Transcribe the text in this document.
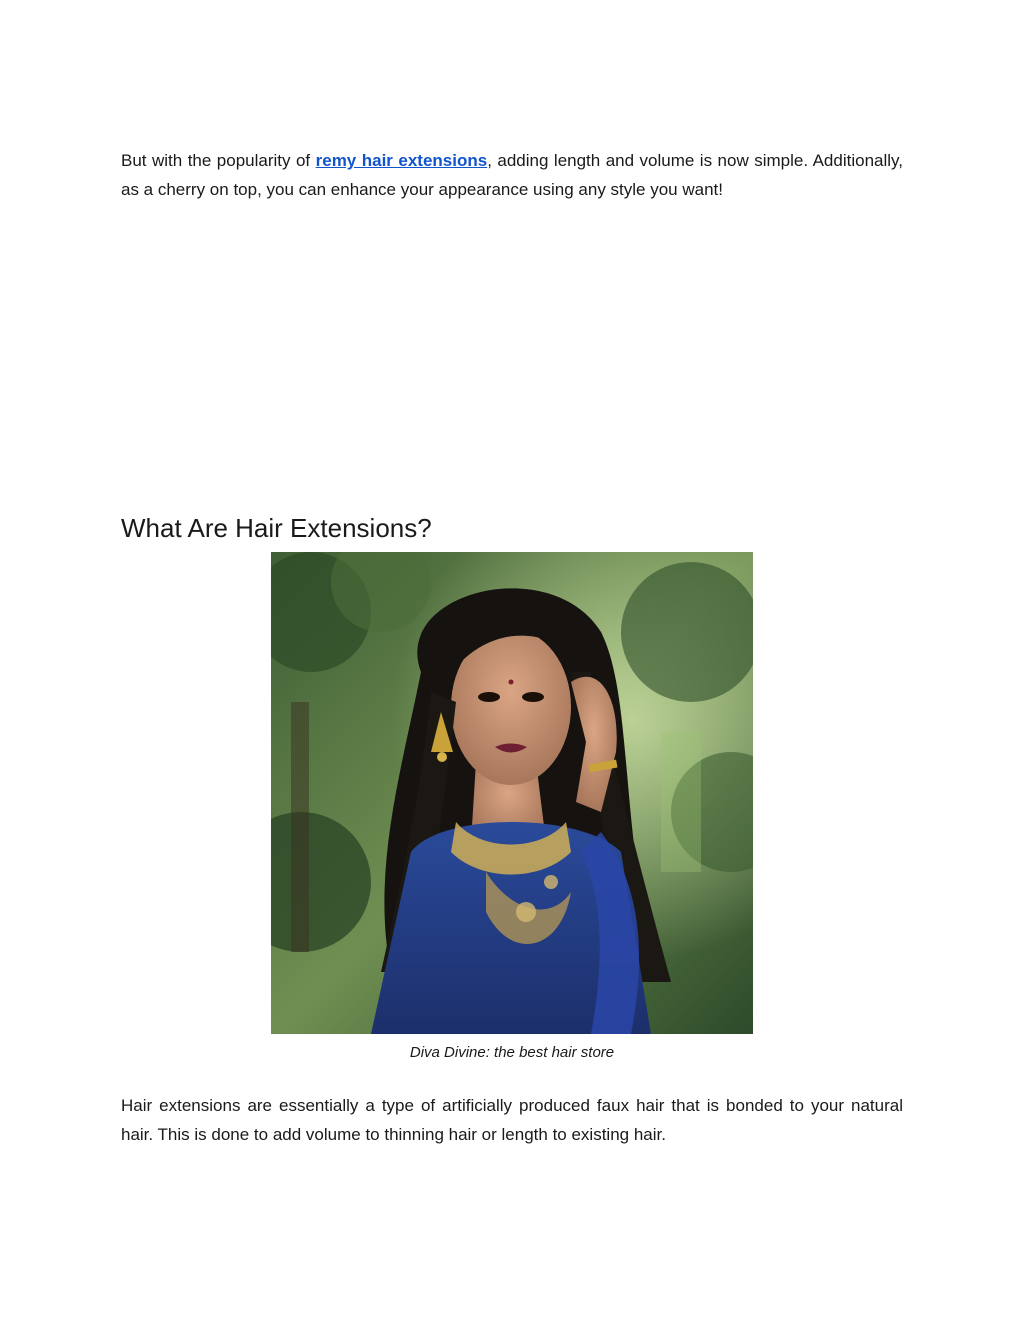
But with the popularity of remy hair extensions, adding length and volume is now simple. Additionally, as a cherry on top, you can enhance your appearance using any style you want!

What Are Hair Extensions?

Diva Divine: the best hair store

Hair extensions are essentially a type of artificially produced faux hair that is bonded to your natural hair. This is done to add volume to thinning hair or length to existing hair.
